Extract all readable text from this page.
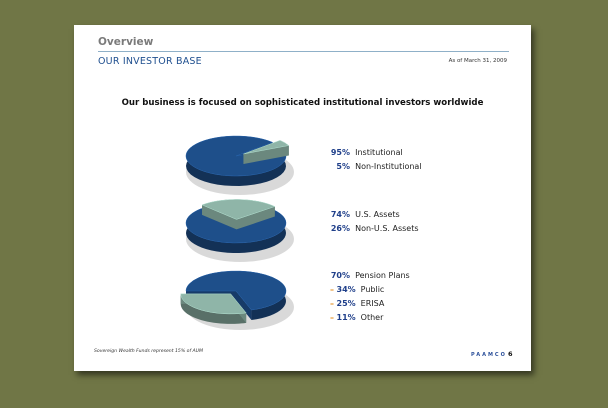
Overview
OUR INVESTOR BASE	As of March 31, 2009
Our business is focused on sophisticated institutional investors worldwide
95% Institutional
5% Non-Institutional
74% U.S. Assets
26% Non-U.S. Assets
70% Pension Plans
– 34% Public
– 25% ERISA
– 11% Other
Sovereign Wealth Funds represent 15% of AUM
PAAMCO 6
